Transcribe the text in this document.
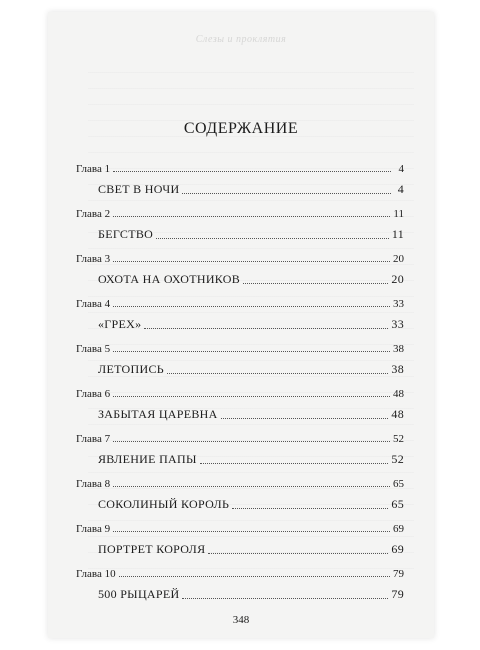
Слезы и проклятия
СОДЕРЖАНИЕ
Глава 1	4
СВЕТ В НОЧИ	4
Глава 2	11
БЕГСТВО	11
Глава 3	20
ОХОТА НА ОХОТНИКОВ	20
Глава 4	33
«ГРЕХ»	33
Глава 5	38
ЛЕТОПИСЬ	38
Глава 6	48
ЗАБЫТАЯ ЦАРЕВНА	48
Глава 7	52
ЯВЛЕНИЕ ПАПЫ	52
Глава 8	65
СОКОЛИНЫЙ КОРОЛЬ	65
Глава 9	69
ПОРТРЕТ КОРОЛЯ	69
Глава 10	79
500 РЫЦАРЕЙ	79
348
